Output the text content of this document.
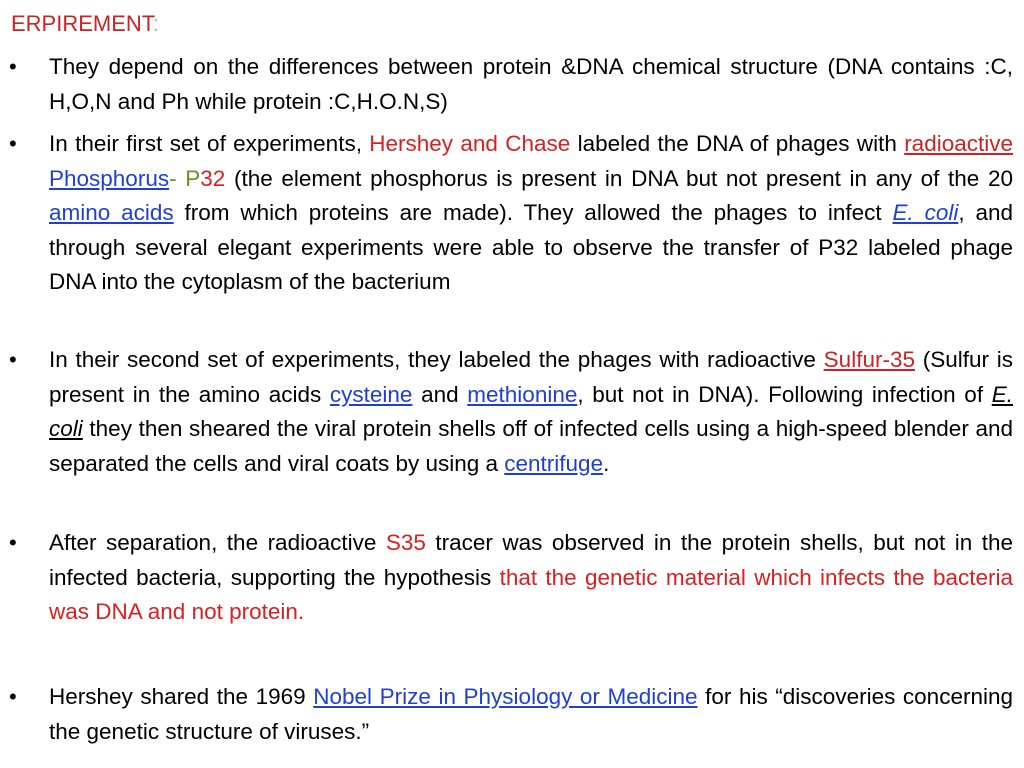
ERPIREMENT:
• They depend on the differences between protein &DNA chemical structure (DNA contains :C, H,O,N and Ph while protein :C,H.O.N,S)
• In their first set of experiments, Hershey and Chase labeled the DNA of phages with radioactive Phosphorus- P32 (the element phosphorus is present in DNA but not present in any of the 20 amino acids from which proteins are made). They allowed the phages to infect E. coli, and through several elegant experiments were able to observe the transfer of P32 labeled phage DNA into the cytoplasm of the bacterium
• In their second set of experiments, they labeled the phages with radioactive Sulfur-35 (Sulfur is present in the amino acids cysteine and methionine, but not in DNA). Following infection of E. coli they then sheared the viral protein shells off of infected cells using a high-speed blender and separated the cells and viral coats by using a centrifuge.
• After separation, the radioactive S35 tracer was observed in the protein shells, but not in the infected bacteria, supporting the hypothesis that the genetic material which infects the bacteria was DNA and not protein.
• Hershey shared the 1969 Nobel Prize in Physiology or Medicine for his “discoveries concerning the genetic structure of viruses.”
